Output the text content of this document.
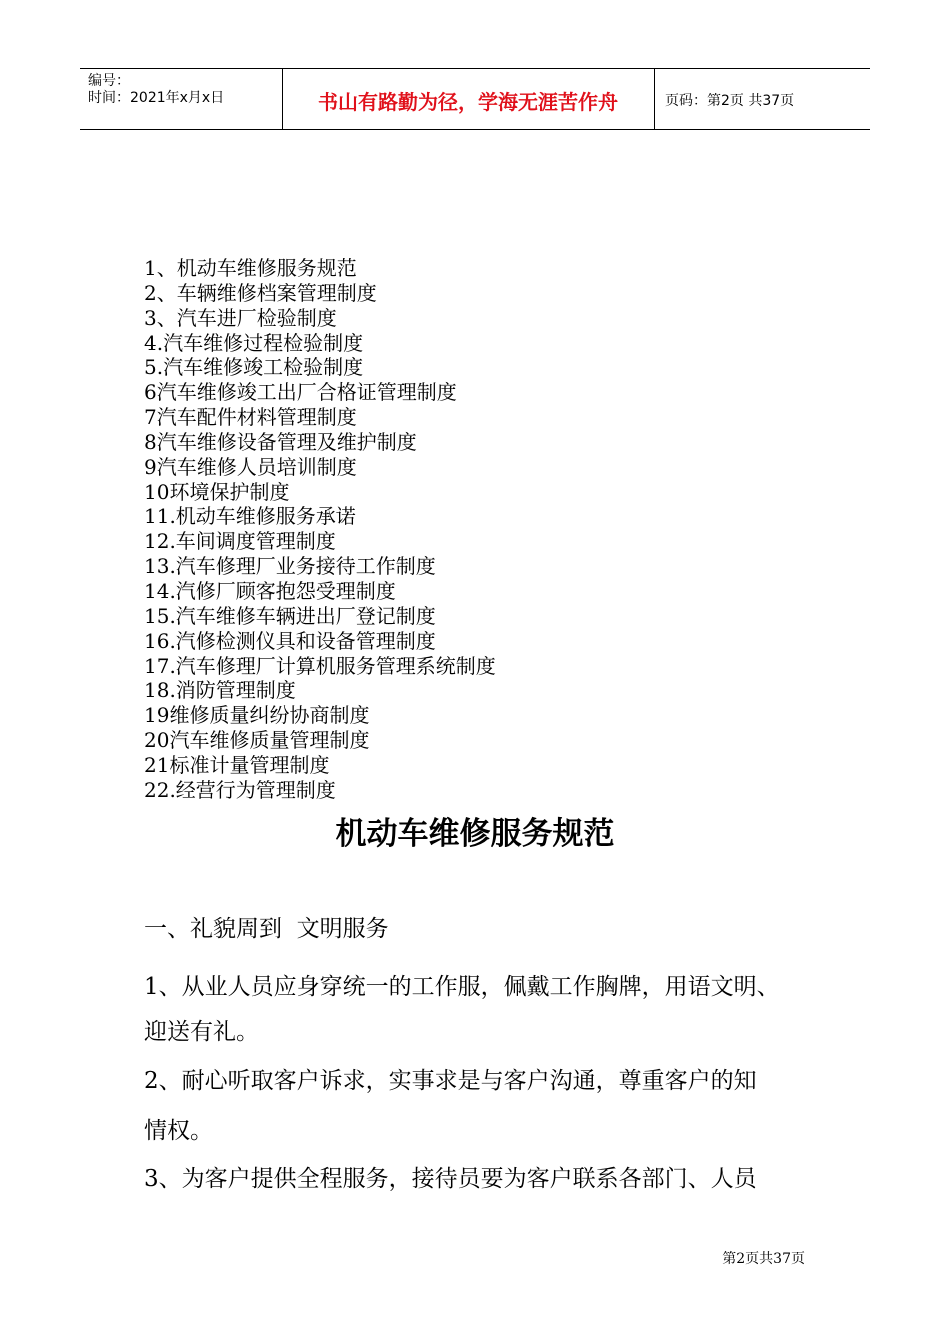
编号：
时间：2021年x月x日	书山有路勤为径，学海无涯苦作舟	页码：第2页 共37页
1、机动车维修服务规范
2、车辆维修档案管理制度
3、汽车进厂检验制度
4.汽车维修过程检验制度
5.汽车维修竣工检验制度
6汽车维修竣工出厂合格证管理制度
7汽车配件材料管理制度
8汽车维修设备管理及维护制度
9汽车维修人员培训制度
10环境保护制度
11.机动车维修服务承诺
12.车间调度管理制度
13.汽车修理厂业务接待工作制度
14.汽修厂顾客抱怨受理制度
15.汽车维修车辆进出厂登记制度
16.汽修检测仪具和设备管理制度
17.汽车修理厂计算机服务管理系统制度
18.消防管理制度
19维修质量纠纷协商制度
20汽车维修质量管理制度
21标准计量管理制度
22.经营行为管理制度
机动车维修服务规范
一、礼貌周到  文明服务

1、从业人员应身穿统一的工作服，佩戴工作胸牌，用语文明、

迎送有礼。

2、耐心听取客户诉求，实事求是与客户沟通，尊重客户的知

情权。

3、为客户提供全程服务，接待员要为客户联系各部门、人员

第2页共37页
